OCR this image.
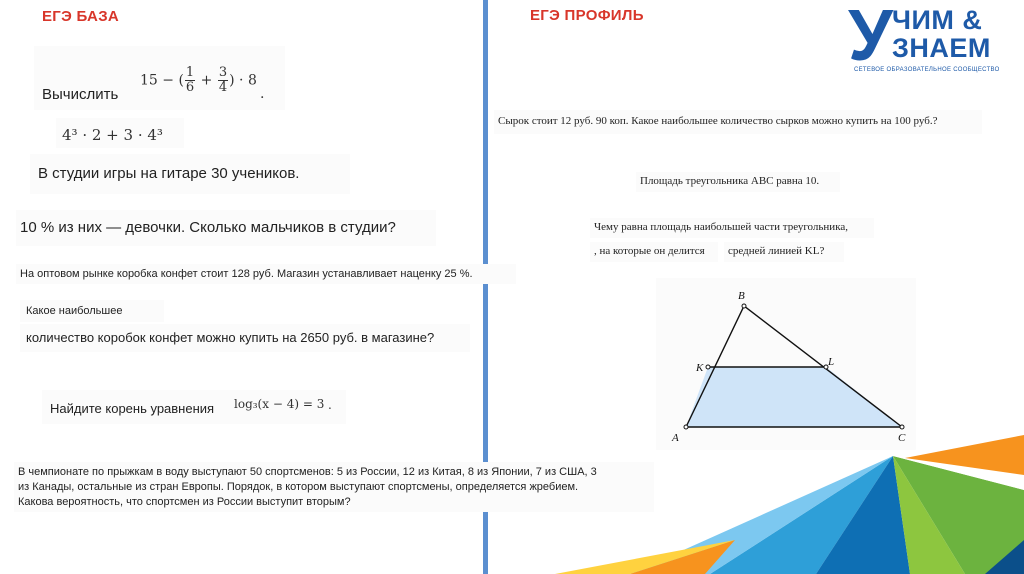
ЕГЭ БАЗА	ЕГЭ ПРОФИЛЬ	У ЧИМ &
ЗНАЕМ
СЕТЕВОЕ ОБРАЗОВАТЕЛЬНОЕ СООБЩЕСТВО
Вычислить
15 − ( $\frac{1}{6} + \frac{3}{4}$ ) · 8
.
4³ · 2 + 3 · 4³
В студии игры на гитаре 30 учеников.
10 % из них — девочки. Сколько мальчиков в студии?
На оптовом рынке коробка конфет стоит 128 руб. Магазин устанавливает наценку 25 %.
Какое наибольшее
количество коробок конфет можно купить на 2650 руб. в магазине?
Найдите корень уравнения log₃(x − 4) = 3 .
В чемпионате по прыжкам в воду выступают 50 спортсменов: 5 из России, 12 из Китая, 8 из Японии, 7 из США, 3
из Канады, остальные из стран Европы. Порядок, в котором выступают спортсмены, определяется жребием.
Какова вероятность, что спортсмен из России выступит вторым?
Сырок стоит 12 руб. 90 коп. Какое наибольшее количество сырков можно купить на 100 руб.?
Площадь треугольника ABC равна 10.
Чему равна площадь наибольшей части треугольника,
, на которые он делится средней линией KL?
A
B
C
K	L
